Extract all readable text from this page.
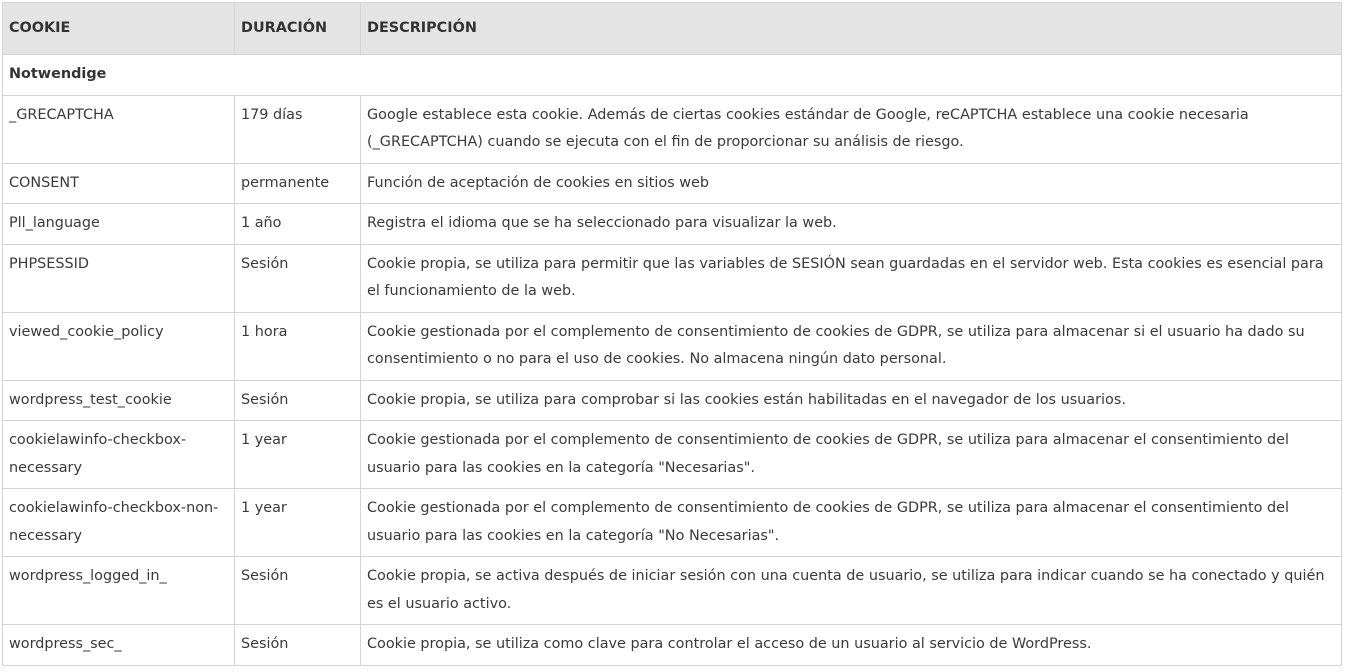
COOKIE	DURACIÓN	DESCRIPCIÓN
Notwendige		
_GRECAPTCHA	179 días	Google establece esta cookie. Además de ciertas cookies estándar de Google, reCAPTCHA establece una cookie necesaria (_GRECAPTCHA) cuando se ejecuta con el fin de proporcionar su análisis de riesgo.
CONSENT	permanente	Función de aceptación de cookies en sitios web
Pll_language	1 año	Registra el idioma que se ha seleccionado para visualizar la web.
PHPSESSID	Sesión	Cookie propia, se utiliza para permitir que las variables de SESIÓN sean guardadas en el servidor web. Esta cookies es esencial para el funcionamiento de la web.
viewed_cookie_policy	1 hora	Cookie gestionada por el complemento de consentimiento de cookies de GDPR, se utiliza para almacenar si el usuario ha dado su consentimiento o no para el uso de cookies. No almacena ningún dato personal.
wordpress_test_cookie	Sesión	Cookie propia, se utiliza para comprobar si las cookies están habilitadas en el navegador de los usuarios.
cookielawinfo-checkbox-necessary	1 year	Cookie gestionada por el complemento de consentimiento de cookies de GDPR, se utiliza para almacenar el consentimiento del usuario para las cookies en la categoría "Necesarias".
cookielawinfo-checkbox-non-necessary	1 year	Cookie gestionada por el complemento de consentimiento de cookies de GDPR, se utiliza para almacenar el consentimiento del usuario para las cookies en la categoría "No Necesarias".
wordpress_logged_in_	Sesión	Cookie propia, se activa después de iniciar sesión con una cuenta de usuario, se utiliza para indicar cuando se ha conectado y quién es el usuario activo.
wordpress_sec_	Sesión	Cookie propia, se utiliza como clave para controlar el acceso de un usuario al servicio de WordPress.
